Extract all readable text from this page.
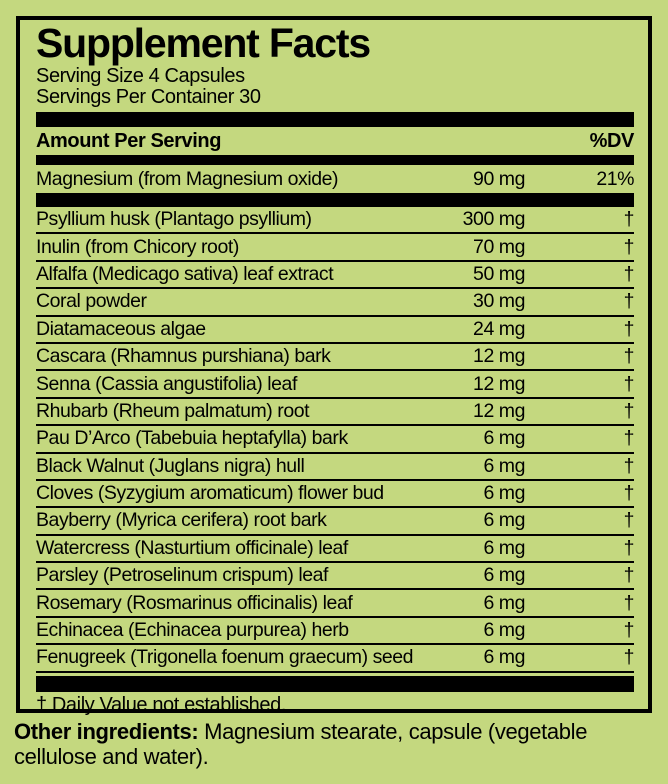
Supplement Facts
Serving Size 4 Capsules
Servings Per Container 30
Amount Per Serving	%DV
Magnesium (from Magnesium oxide)	90 mg	21%
Psyllium husk (Plantago psyllium)	300 mg	†
Inulin (from Chicory root)	70 mg	†
Alfalfa (Medicago sativa) leaf extract	50 mg	†
Coral powder	30 mg	†
Diatamaceous algae	24 mg	†
Cascara (Rhamnus purshiana) bark	12 mg	†
Senna (Cassia angustifolia) leaf	12 mg	†
Rhubarb (Rheum palmatum) root	12 mg	†
Pau D’Arco (Tabebuia heptafylla) bark	6 mg	†
Black Walnut (Juglans nigra) hull	6 mg	†
Cloves (Syzygium aromaticum) flower bud	6 mg	†
Bayberry (Myrica cerifera) root bark	6 mg	†
Watercress (Nasturtium officinale) leaf	6 mg	†
Parsley (Petroselinum crispum) leaf	6 mg	†
Rosemary (Rosmarinus officinalis) leaf	6 mg	†
Echinacea (Echinacea purpurea) herb	6 mg	†
Fenugreek (Trigonella foenum graecum) seed	6 mg	†
† Daily Value not established.
Other ingredients: Magnesium stearate, capsule (vegetable cellulose and water).
